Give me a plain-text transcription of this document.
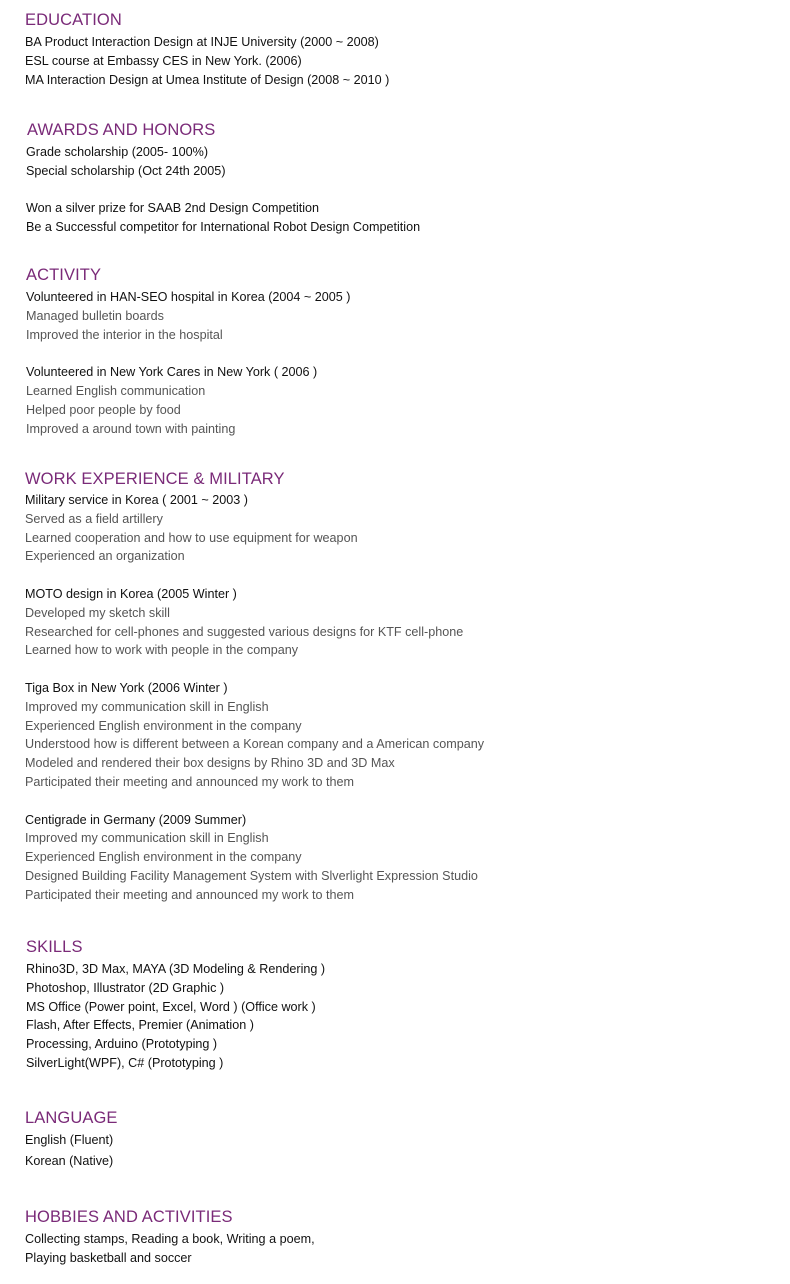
EDUCATION
BA Product Interaction Design at INJE University (2000 ~ 2008)
ESL course at Embassy CES in New York. (2006)
MA Interaction Design at Umea Institute of Design (2008 ~ 2010 )
AWARDS AND HONORS
Grade scholarship (2005- 100%)
Special scholarship (Oct 24th 2005)
Won a silver prize for SAAB 2nd Design Competition
Be a Successful competitor for International Robot Design Competition
ACTIVITY
Volunteered in HAN-SEO hospital in Korea (2004 ~ 2005 )
Managed bulletin boards
Improved the interior in the hospital
Volunteered in New York Cares in New York ( 2006 )
Learned English communication
Helped poor people by food
Improved a around town with painting
WORK EXPERIENCE & MILITARY
Military service in Korea ( 2001 ~ 2003 )
Served as a field artillery
Learned cooperation and how to use equipment for weapon
Experienced an organization
MOTO design in Korea (2005 Winter )
Developed my sketch skill
Researched for cell-phones and suggested various designs for KTF cell-phone
Learned how to work with people in the company
Tiga Box in New York (2006 Winter )
Improved my communication skill in English
Experienced English environment in the company
Understood how is different between a Korean company and a American company
Modeled and rendered their box designs by Rhino 3D and 3D Max
Participated their meeting and announced my work to them
Centigrade in Germany (2009 Summer)
Improved my communication skill in English
Experienced English environment in the company
Designed Building Facility Management System with Slverlight Expression Studio
Participated their meeting and announced my work to them
SKILLS
Rhino3D, 3D Max, MAYA (3D Modeling & Rendering )
Photoshop, Illustrator (2D Graphic )
MS Office (Power point, Excel, Word ) (Office work )
Flash, After Effects, Premier (Animation )
Processing, Arduino (Prototyping )
SilverLight(WPF), C# (Prototyping )
LANGUAGE
English (Fluent)
Korean (Native)
HOBBIES AND ACTIVITIES
Collecting stamps, Reading a book, Writing a poem,
Playing basketball and soccer
